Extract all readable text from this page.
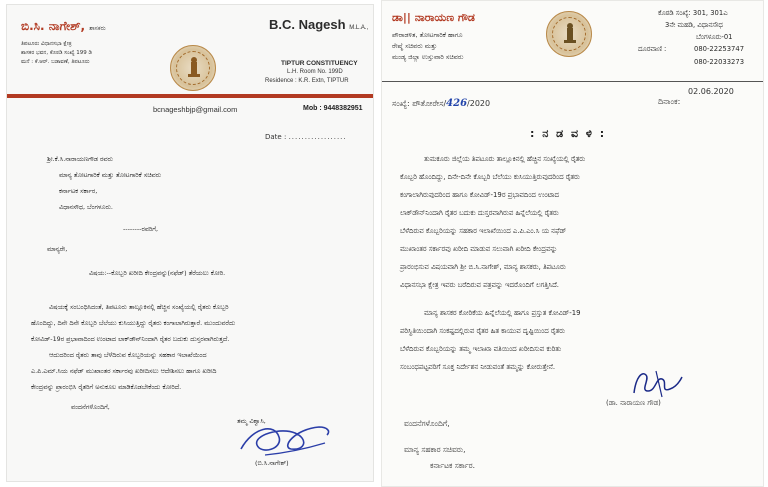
ಬಿ.ಸಿ. ನಾಗೇಶ್, ಶಾಸಕರು
ತಿಪಟೂರು ವಿಧಾನಸಭಾ ಕ್ಷೇತ್ರ
ಶಾಸಕರ ಭವನ, ಕೊಠಡಿ ಸಂಖ್ಯೆ 199 ಡಿ
ಮನೆ : ಕೆ.ಆರ್. ಬಡಾವಣೆ, ತಿಪಟೂರು
B.C. Nagesh M.L.A.,
TIPTUR CONSTITUENCY
L.H. Room No. 199D
Residence : K.R. Extn, TIPTUR
bcnageshbjp@gmail.com	Mob : 9448382951
Date : ..................
ಶ್ರೀ.ಕೆ.ಸಿ.ನಾರಾಯಣಗೌಡ ರವರು
ಮಾನ್ಯ ತೋಟಗಾರಿಕೆ ಮತ್ತು ತೋಟಗಾರಿಕೆ ಸಚಿವರು
ಕರ್ನಾಟಕ ಸರ್ಕಾರ,
ವಿಧಾನಸೌಧ, ಬೆಂಗಳೂರು.
--------ರವರಿಗೆ,
ಮಾನ್ಯರೇ,
ವಿಷಯ:--ಕೊಬ್ಬರಿ ಖರೀದಿ ಕೇಂದ್ರವನ್ನು(ನಫೆಡ್) ತೆರೆಯಲು ಕೋರಿ.
ವಿಷಯಕ್ಕೆ ಸಂಬಂಧಿಸಿದಂತೆ, ತಿಪಟೂರು ತಾಲ್ಲೂಕಿನಲ್ಲಿ ಹೆಚ್ಚಿನ ಸಂಖ್ಯೆಯಲ್ಲಿ ರೈತರು ಕೊಬ್ಬರಿ
ಹೊಂದಿದ್ದು, ದಿನೇ ದಿನೇ ಕೊಬ್ಬರಿ ಬೆಲೆಯು ಕುಸಿಯುತ್ತಿದ್ದು ರೈತರು ಕಂಗಾಲಾಗಿರುತ್ತಾರೆ. ಮುಂದುವರೆದು
ಕೋವಿಡ್-19ರ ಪ್ರಭಾವಾದಿಂದ ಉಂಟಾದ ಲಾಕ್‌ಡೌನ್‌ನಿಂದಾಗಿ ರೈತರ ಬದುಕು ದುಸ್ತರವಾಗಿರುತ್ತದೆ.
ಆದುದರಿಂದ ರೈತರು ತಾವು ಬೆಳೆದಿರುವ ಕೊಬ್ಬರಿಯನ್ನು ಸಹಕಾರ ಇಲಾಖೆಯಿಂದ
ಎ.ಪಿ.ಎಮ್.ಸಿಯ ನಫೆಡ್ ಮುಖಾಂತರ ಸರ್ಕಾರವು ಖರೀದಿಸಲು ಆದೇಶಿಸಲು ಹಾಗೂ ಖರೀದಿ
ಕೇಂದ್ರವನ್ನು ಪ್ರಾರಂಭಿಸಿ ರೈತರಿಗೆ ಅನುಕೂಲ ಮಾಡಿಕೊಡಬೇಕೆಂದು ಕೋರಿದೆ.
ವಂದನೆಗಳೊಂದಿಗೆ,
ತಮ್ಮ ವಿಶ್ವಾಸಿ,
(ಬಿ.ಸಿ.ನಾಗೇಶ್)
ಡಾ|| ನಾರಾಯಣ ಗೌಡ
ಪೌರಾಡಳಿತ, ತೋಟಗಾರಿಕೆ ಹಾಗೂ
ರೇಷ್ಮೆ ಸಚಿವರು ಮತ್ತು
ಮಂಡ್ಯ ಜಿಲ್ಲಾ ಉಸ್ತುವಾರಿ ಸಚಿವರು
ಕೊಠಡಿ ಸಂಖ್ಯೆ: 301, 301ಎ
3ನೇ ಮಹಡಿ, ವಿಧಾನಸೌಧ
ಬೆಂಗಳೂರು-01
ದೂರವಾಣಿ :	080-22253747
080-22033273
ಸಂಖ್ಯೆ: ಪೌತೋರೇಸ/426/2020
02.06.2020
ದಿನಾಂಕ:
: ನ ಡ ವ ಳಿ :
ತುಮಕೂರು ಜಿಲ್ಲೆಯ ತಿಪಟೂರು ತಾಲ್ಲೂಕಿನಲ್ಲಿ ಹೆಚ್ಚಿನ ಸಂಖ್ಯೆಯಲ್ಲಿ ರೈತರು
ಕೊಬ್ಬರಿ ಹೊಂದಿದ್ದು, ದಿನೇ-ದಿನೇ ಕೊಬ್ಬರಿ ಬೆಲೆಯು ಕುಸಿಯುತ್ತಿರುವುದರಿಂದ ರೈತರು
ಕಂಗಾಲಾಗಿರುವುದರಿಂದ ಹಾಗೂ ಕೋವಿಡ್-19ರ ಪ್ರಭಾವದಿಂದ ಉಂಟಾದ
ಲಾಕ್‌ಡೌನ್‌ನಿಂದಾಗಿ ರೈತರ ಬದುಕು ದುಸ್ತರವಾಗಿರುವ ಹಿನ್ನೆಲೆಯಲ್ಲಿ ರೈತರು
ಬೆಳೆದಿರುವ ಕೊಬ್ಬರಿಯನ್ನು ಸಹಕಾರ ಇಲಾಖೆಯಿಂದ ಎ.ಪಿ.ಎಂ.ಸಿ ಯ ನಫೆಡ್
ಮುಖಾಂತರ ಸರ್ಕಾರವು ಖರೀದಿ ಮಾಡುವ ಸಲುವಾಗಿ ಖರೀದಿ ಕೇಂದ್ರವನ್ನು
ಪ್ರಾರಂಭಿಸುವ ವಿಷಯವಾಗಿ ಶ್ರೀ ಬಿ.ಸಿ.ನಾಗೇಶ್, ಮಾನ್ಯ ಶಾಸಕರು, ತಿಪಟೂರು
ವಿಧಾನಸಭಾ ಕ್ಷೇತ್ರ ಇವರು ಬರೆದಿರುವ ಪತ್ರವನ್ನು ಇದರೊಂದಿಗೆ ಲಗತ್ತಿಸಿದೆ.
ಮಾನ್ಯ ಶಾಸಕರ ಕೋರಿಕೆಯ ಹಿನ್ನೆಲೆಯಲ್ಲಿ ಹಾಗೂ ಪ್ರಸ್ತುತ ಕೋವಿಡ್-19
ಪರಿಸ್ಥಿತಿಯಿಂದಾಗಿ ಸಂಕಷ್ಟದಲ್ಲಿರುವ ರೈತರ ಹಿತ ಕಾಯುವ ದೃಷ್ಟಿಯಿಂದ ರೈತರು
ಬೆಳೆದಿರುವ ಕೊಬ್ಬರಿಯನ್ನು ತಮ್ಮ ಇಲಾಖಾ ವತಿಯಿಂದ ಖರೀದಿಸುವ ಕುರಿತು
ಸಂಬಂಧಪಟ್ಟವರಿಗೆ ಸೂಕ್ತ ನಿರ್ದೇಶನ ನೀಡುವಂತೆ ತಮ್ಮನ್ನು ಕೋರುತ್ತೇನೆ.
(ಡಾ. ನಾರಾಯಣ ಗೌಡ)
ವಂದನೆಗಳೊಂದಿಗೆ,
ಮಾನ್ಯ ಸಹಕಾರ ಸಚಿವರು,
ಕರ್ನಾಟಕ ಸರ್ಕಾರ.
